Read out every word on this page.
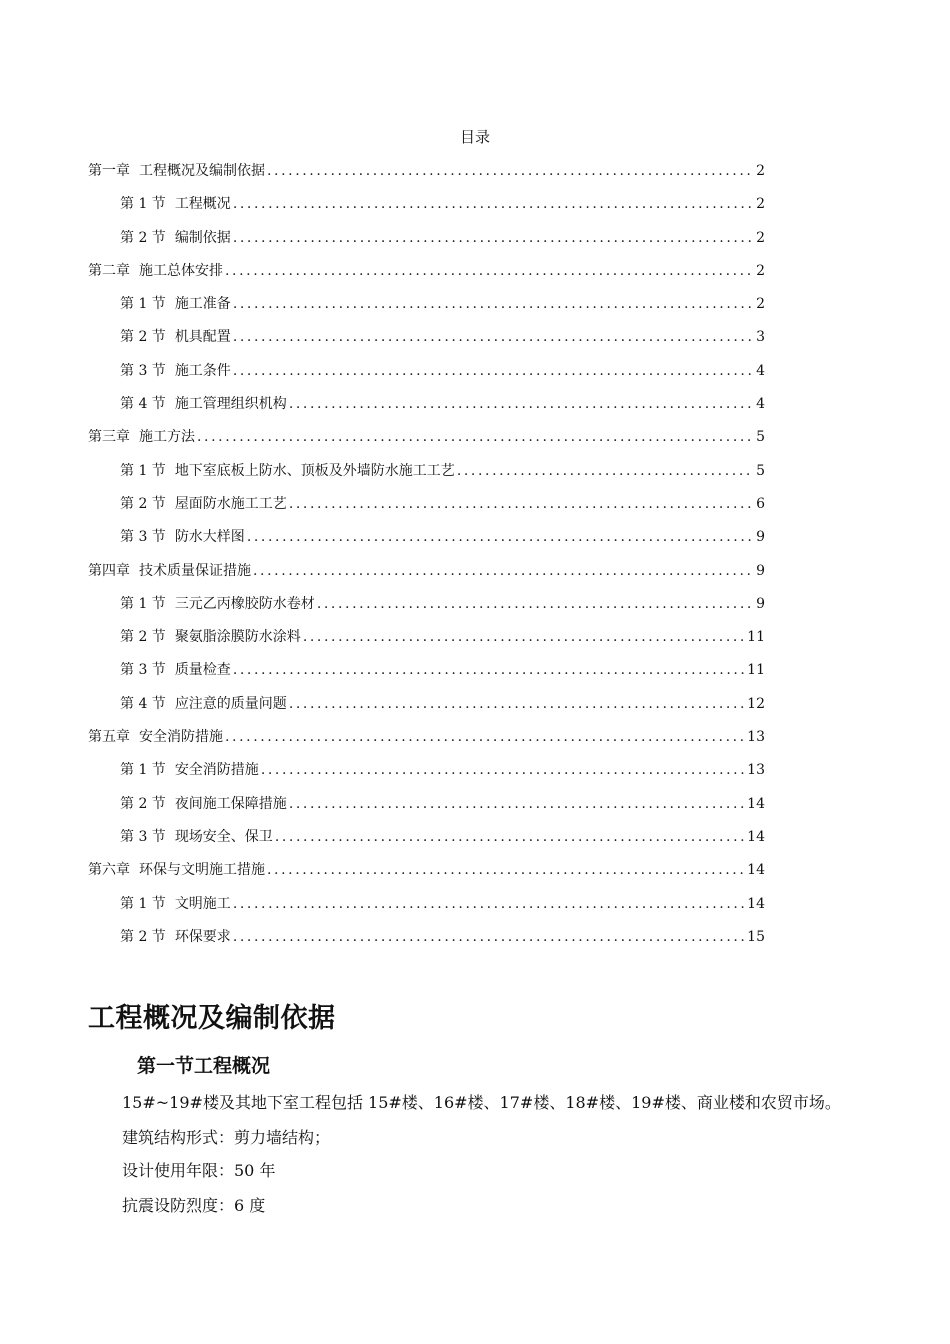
目录
第一章 工程概况及编制依据 .....	2
第 1 节 工程概况 .....	2
第 2 节 编制依据 .....	2
第二章 施工总体安排 .....	2
第 1 节 施工准备 .....	2
第 2 节 机具配置 .....	3
第 3 节 施工条件 .....	4
第 4 节 施工管理组织机构 .....	4
第三章 施工方法 .....	5
第 1 节 地下室底板上防水、顶板及外墙防水施工工艺 .....	5
第 2 节 屋面防水施工工艺 .....	6
第 3 节 防水大样图 .....	9
第四章 技术质量保证措施 .....	9
第 1 节 三元乙丙橡胶防水卷材 .....	9
第 2 节 聚氨脂涂膜防水涂料 .....	11
第 3 节 质量检查 .....	11
第 4 节 应注意的质量问题 .....	12
第五章 安全消防措施 .....	13
第 1 节 安全消防措施 .....	13
第 2 节 夜间施工保障措施 .....	14
第 3 节 现场安全、保卫 .....	14
第六章 环保与文明施工措施 .....	14
第 1 节 文明施工 .....	14
第 2 节 环保要求 .....	15
工程概况及编制依据
第一节工程概况
15#~19#楼及其地下室工程包括 15#楼、16#楼、17#楼、18#楼、19#楼、商业楼和农贸市场。
建筑结构形式：剪力墙结构；
设计使用年限：50 年
抗震设防烈度：6 度
